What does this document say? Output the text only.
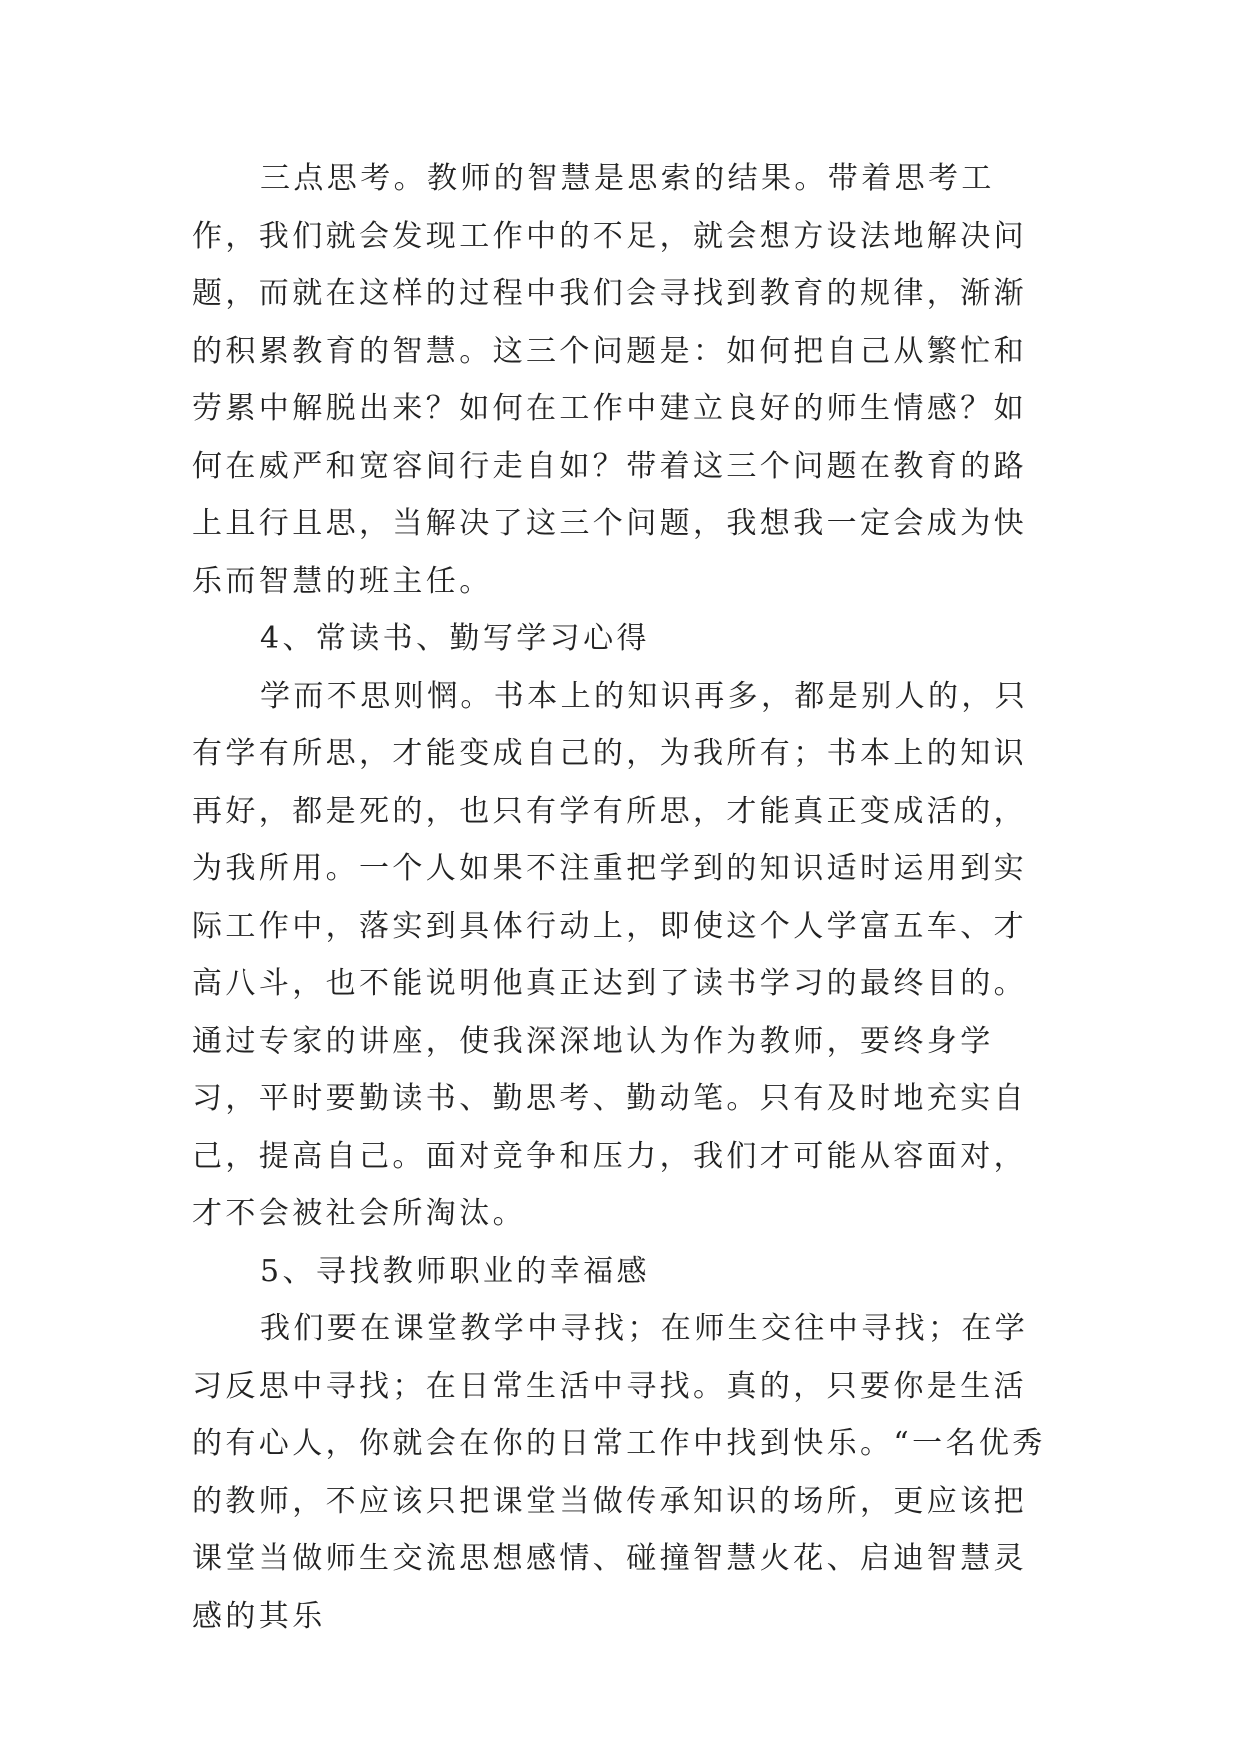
三点思考。教师的智慧是思索的结果。带着思考工作，我们就会发现工作中的不足，就会想方设法地解决问题，而就在这样的过程中我们会寻找到教育的规律，渐渐的积累教育的智慧。这三个问题是：如何把自己从繁忙和劳累中解脱出来？如何在工作中建立良好的师生情感？如何在威严和宽容间行走自如？带着这三个问题在教育的路上且行且思，当解决了这三个问题，我想我一定会成为快乐而智慧的班主任。

4、常读书、勤写学习心得

学而不思则惘。书本上的知识再多，都是别人的，只有学有所思，才能变成自己的，为我所有；书本上的知识再好，都是死的，也只有学有所思，才能真正变成活的，为我所用。一个人如果不注重把学到的知识适时运用到实际工作中，落实到具体行动上，即使这个人学富五车、才高八斗，也不能说明他真正达到了读书学习的最终目的。通过专家的讲座，使我深深地认为作为教师，要终身学习，平时要勤读书、勤思考、勤动笔。只有及时地充实自己，提高自己。面对竞争和压力，我们才可能从容面对，才不会被社会所淘汰。

5、寻找教师职业的幸福感

我们要在课堂教学中寻找；在师生交往中寻找；在学习反思中寻找；在日常生活中寻找。真的，只要你是生活的有心人，你就会在你的日常工作中找到快乐。“一名优秀的教师，不应该只把课堂当做传承知识的场所，更应该把课堂当做师生交流思想感情、碰撞智慧火花、启迪智慧灵感的其乐
